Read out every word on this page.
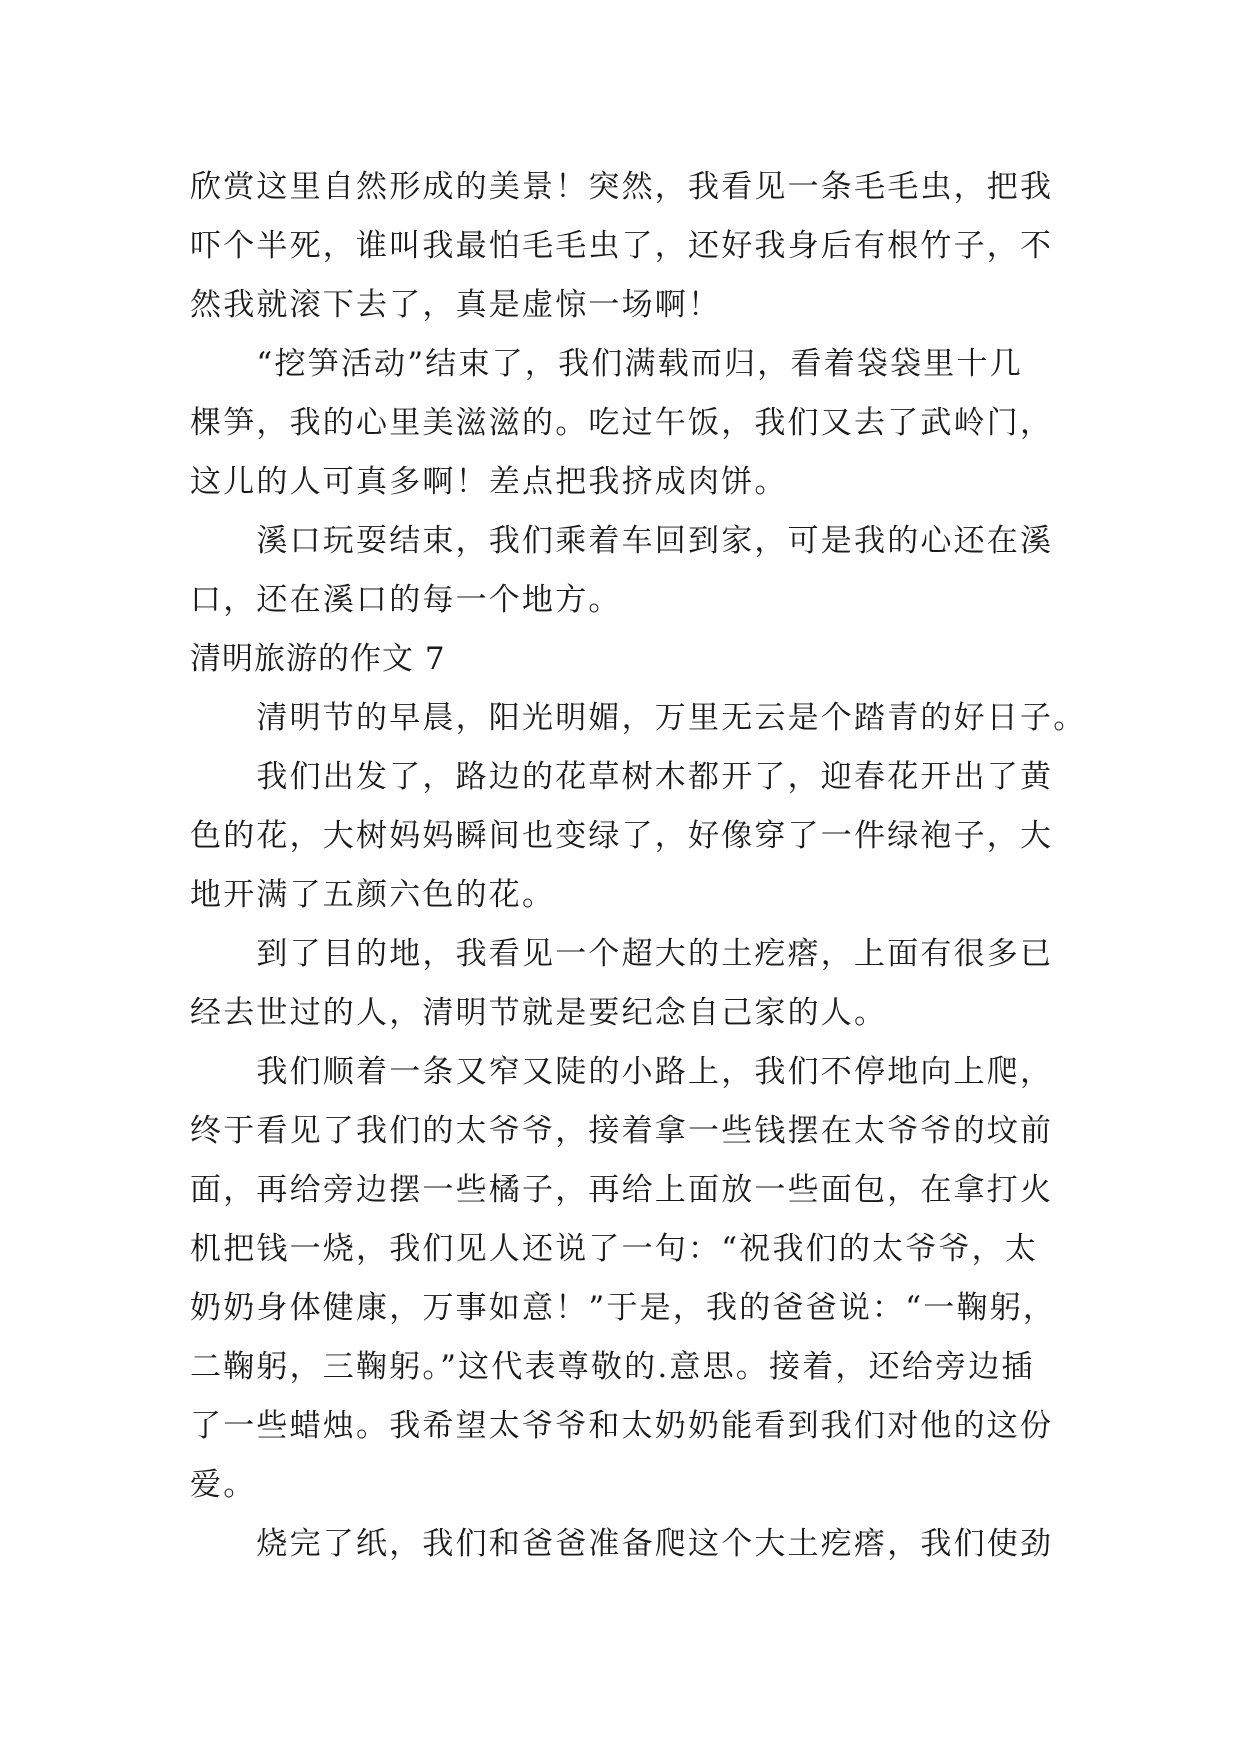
欣赏这里自然形成的美景！突然，我看见一条毛毛虫，把我
吓个半死，谁叫我最怕毛毛虫了，还好我身后有根竹子，不
然我就滚下去了，真是虚惊一场啊！
　　“挖笋活动”结束了，我们满载而归，看着袋袋里十几
棵笋，我的心里美滋滋的。吃过午饭，我们又去了武岭门，
这儿的人可真多啊！差点把我挤成肉饼。
　　溪口玩耍结束，我们乘着车回到家，可是我的心还在溪
口，还在溪口的每一个地方。
清明旅游的作文 7
　　清明节的早晨，阳光明媚，万里无云是个踏青的好日子。
　　我们出发了，路边的花草树木都开了，迎春花开出了黄
色的花，大树妈妈瞬间也变绿了，好像穿了一件绿袍子，大
地开满了五颜六色的花。
　　到了目的地，我看见一个超大的土疙瘩，上面有很多已
经去世过的人，清明节就是要纪念自己家的人。
　　我们顺着一条又窄又陡的小路上，我们不停地向上爬，
终于看见了我们的太爷爷，接着拿一些钱摆在太爷爷的坟前
面，再给旁边摆一些橘子，再给上面放一些面包，在拿打火
机把钱一烧，我们见人还说了一句：“祝我们的太爷爷，太
奶奶身体健康，万事如意！”于是，我的爸爸说：“一鞠躬，
二鞠躬，三鞠躬。”这代表尊敬的.意思。接着，还给旁边插
了一些蜡烛。我希望太爷爷和太奶奶能看到我们对他的这份
爱。
　　烧完了纸，我们和爸爸准备爬这个大土疙瘩，我们使劲
